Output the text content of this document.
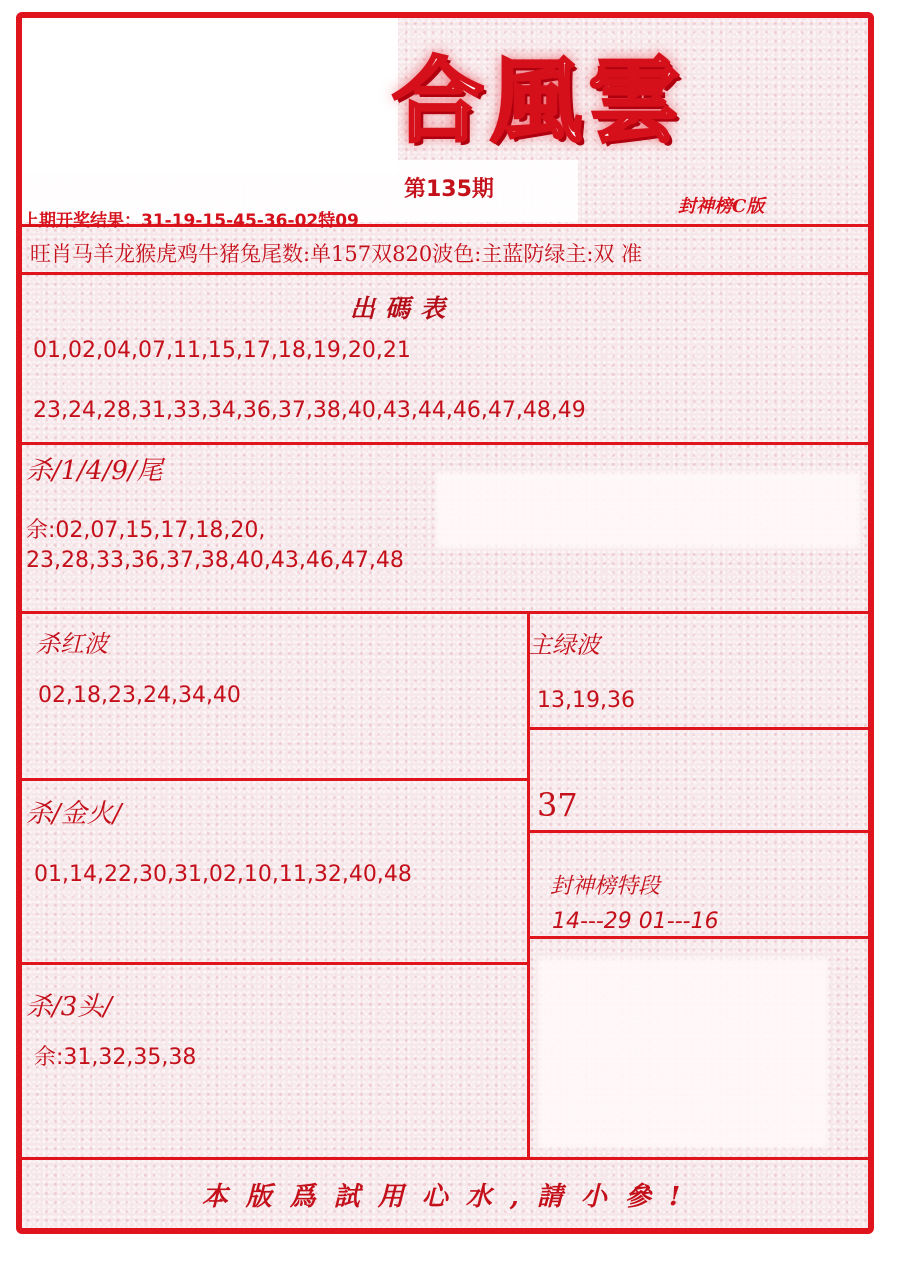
合風雲
封神榜C版
第135期
上期开奖结果：31-19-15-45-36-02特09
旺肖马羊龙猴虎鸡牛猪兔尾数:单157双820波色:主蓝防绿主:双 准
出碼表
01,02,04,07,11,15,17,18,19,20,21
23,24,28,31,33,34,36,37,38,40,43,44,46,47,48,49
杀/1/4/9/尾
余:02,07,15,17,18,20,
23,28,33,36,37,38,40,43,46,47,48
杀红波
02,18,23,24,34,40
主绿波
13,19,36
37
杀/金火/
01,14,22,30,31,02,10,11,32,40,48	封神榜特段
14---29 01---16
杀/3头/
余:31,32,35,38
本版爲試用心水,請小參!
